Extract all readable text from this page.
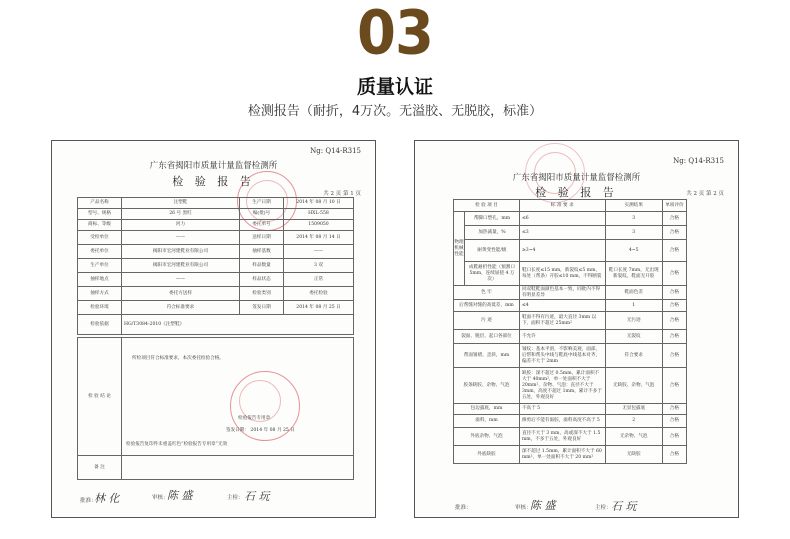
03
质量认证
检测报告（耐折，4万次。无溢胶、无脱胶，标准）
Ng: Q14-R315
广东省揭阳市质量计量监督检测所
检 验 报 告
共 2 页 第 1 页
产品名称	注塑鞋	生产日期	2014 年 08 月 10 日
型号、规格	26 号 黑红	编(批)号	HXL-558
商标、等级	河力	委托单号	1509050
受检单位	——	送样日期	2014 年 08 月 14 日
委托单位	揭阳市宏河建鞋业有限公司	抽样基数	——
生产单位	揭阳市宏河建鞋业有限公司	样品数量	3 双
抽样地点	——	样品状态	正常
抽样方式	委托方送样	检验类别	委托检验
检验环境	符合标准要求	签发日期	2014 年 08 月 25 日
检验依据	HG/T3084-2010《注塑鞋》		
检 验 结 论	所检项目符合标准要求，本次委托检验合格。
检验报告专用章
签发日期： 2014 年 08 月 25 日
检验报告复印件未重盖红色“检验报告专用章”无效

备 注	
批准：
林 化	审核：
陈 盛	主检： 石 玩
Ng: Q14-R315
广东省揭阳市质量计量监督检测所
检 验 报 告	共 2 页 第 2 页
检 验 项 目		标 准 要 求	实测结果	单项评价
物理机械性能	帮脚口塑孔，mm	≤6	3	合格
	加热减量，%	≤3	3	合格
	耐黄变性能/级	≥3~4	4~5	合格
	成鞋耐折性能（預割口 5mm，连续屈挠 4 万次）	鞋口长度≤15 mm，新裂纹≤5 mm，每处（帮条）开胶≤10 mm，不得断裂	鞋口长度 7mm，无出现新裂纹，鞋面无开胶	合格
色 牢		同双鞋鞋面颜色基本一致，同批内不得有明显差异	鞋面色差	合格
后帮缝对缝的高低差，mm		≤4	1	合格
污 迹		鞋面不得有污迹，最大直径 3mm 以下，面积不超过 25mm²	无污迹	合格
裂面、脱层、起口各部位		不允许	无裂纹	合格
帮面皱褶、歪斜，mm		皱纹：基本平滑，不影响美观，面部，后帮和帮头中线与鞋底中线基本对齐，偏差不大于 2mm	符合要求	合格
胶条缺胶、杂物、气泡		缺胶：深不超过 0.5mm，累计面积不大于 40mm²，单一处面积不大于 20mm²，杂物、气泡：直径不大于 3mm，高度不超过 1mm，累计不多于五处，外观良好	无缺胶、杂物、气泡	合格
包边露底，mm		不高于 5	无显包露底	合格
溢料，mm		修剪后不能有溢胶，溢料高度不高于 5	2	合格
外底杂物、气泡		直径不大于 3 mm，高或深不大于 1.5 mm，不多于五处，外观良好	无杂物、气泡	合格
外底缺胶		深不超过 1.5mm，累计面积不大于 60 mm²，单一处面积不大于 20 mm²	无缺胶	合格
批准：	审核：
陈 盛	主检： 石 玩
